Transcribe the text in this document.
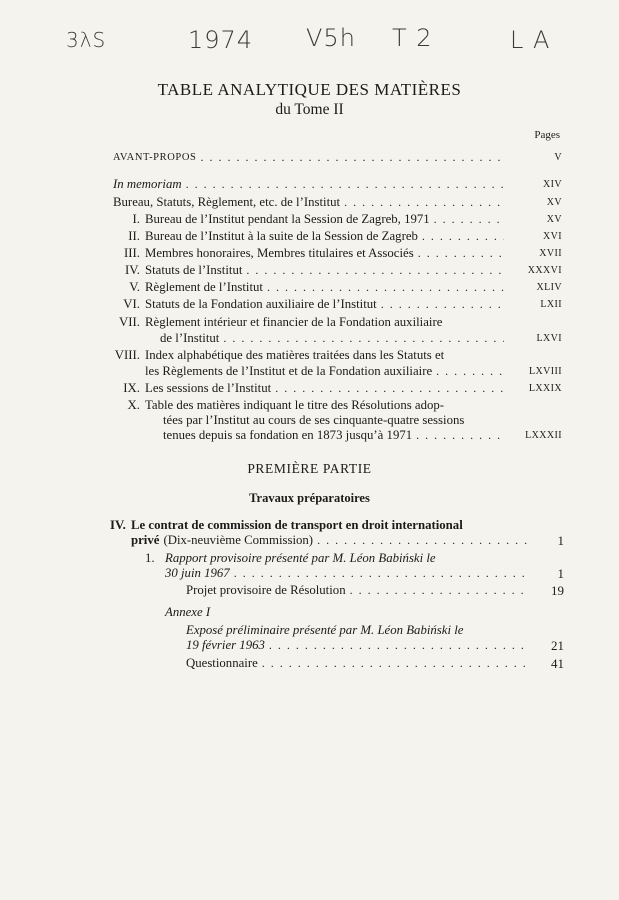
3λS	1974 V5h T 2	L A
TABLE ANALYTIQUE DES MATIÈRES
du Tome II
Pages
AVANT-PROPOS . . .	V
In memoriam . . .	XIV
Bureau, Statuts, Règlement, etc. de l’Institut . . .	XV
I. Bureau de l’Institut pendant la Session de Zagreb, 1971 . . .	XV
II. Bureau de l’Institut à la suite de la Session de Zagreb . . .	XVI
III. Membres honoraires, Membres titulaires et Associés . . .	XVII
IV. Statuts de l’Institut . . .	XXXVI
V. Règlement de l’Institut . . .	XLIV
VI. Statuts de la Fondation auxiliaire de l’Institut . . .	LXII
VII. Règlement intérieur et financier de la Fondation auxiliaire
de l’Institut . . .	LXVI
VIII. Index alphabétique des matières traitées dans les Statuts et
les Règlements de l’Institut et de la Fondation auxiliaire . . .	LXVIII
IX. Les sessions de l’Institut . . .	LXXIX
X. Table des matières indiquant le titre des Résolutions adop-
tées par l’Institut au cours de ses cinquante-quatre sessions
tenues depuis sa fondation en 1873 jusqu’à 1971 . . .	LXXXII
PREMIÈRE PARTIE
Travaux préparatoires
IV. Le contrat de commission de transport en droit international
privé (Dix-neuvième Commission) . . .	1
1. Rapport provisoire présenté par M. Léon Babiński le
30 juin 1967 . . .	1
Projet provisoire de Résolution . . .	19
Annexe I
Exposé préliminaire présenté par M. Léon Babiński le
19 février 1963 . . .	21
Questionnaire . . .	41
